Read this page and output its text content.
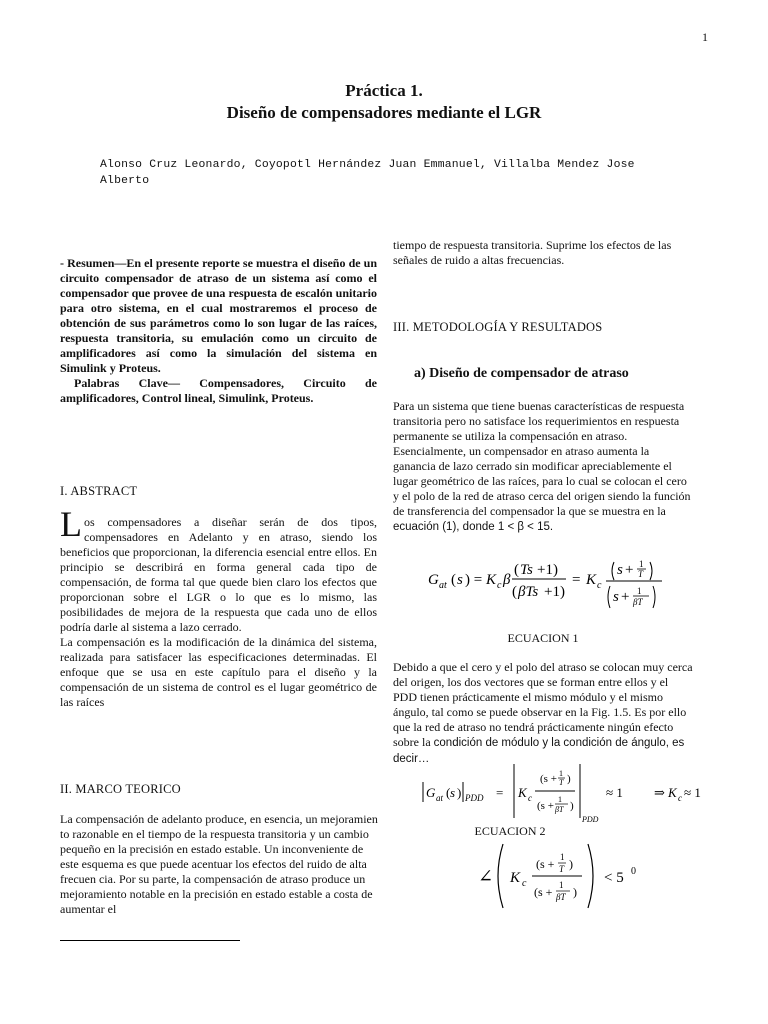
1
Práctica 1.
Diseño de compensadores mediante el LGR
Alonso Cruz Leonardo, Coyopotl Hernández Juan Emmanuel, Villalba Mendez Jose
Alberto

- Resumen—En el presente reporte se muestra el diseño de un circuito compensador de atraso de un sistema así como el compensador que provee de una respuesta de escalón unitario para otro sistema, en el cual mostraremos el proceso de obtención de sus parámetros como lo son lugar de las raíces, respuesta transitoria, su emulación como un circuito de amplificadores así como la simulación del sistema en Simulink y Proteus.

Palabras Clave— Compensadores, Circuito de amplificadores, Control lineal, Simulink, Proteus.

I. ABSTRACT

Los compensadores a diseñar serán de dos tipos, compensadores en Adelanto y en atraso, siendo los beneficios que proporcionan, la diferencia esencial entre ellos. En principio se describirá en forma general cada tipo de compensación, de forma tal que quede bien claro los efectos que proporcionan sobre el LGR o lo que es lo mismo, las posibilidades de mejora de la respuesta que cada uno de ellos podría darle al sistema a lazo cerrado.

La compensación es la modificación de la dinámica del sistema, realizada para satisfacer las especificaciones determinadas. El enfoque que se usa en este capítulo para el diseño y la compensación de un sistema de control es el lugar geométrico de las raíces

II. MARCO TEORICO

La compensación de adelanto produce, en esencia, un mejoramien to razonable en el tiempo de la respuesta transitoria y un cambio pequeño en la precisión en estado estable. Un inconveniente de este esquema es que puede acentuar los efectos del ruido de alta frecuen cia. Por su parte, la compensación de atraso produce un mejoramiento notable en la precisión en estado estable a costa de aumentar el

tiempo de respuesta transitoria. Suprime los efectos de las señales de ruido a altas frecuencias.

III. METODOLOGÍA Y RESULTADOS
a) Diseño de compensador de atraso

Para un sistema que tiene buenas características de respuesta transitoria pero no satisface los requerimientos en respuesta permanente se utiliza la compensación en atraso. Esencialmente, un compensador en atraso aumenta la ganancia de lazo cerrado sin modificar apreciablemente el lugar geométrico de las raíces, para lo cual se colocan el cero y el polo de la red de atraso cerca del origen siendo la función de transferencia del compensador la que se muestra en la ecuación (1), donde 1 < β < 15.

G at ( s ) = K c β
( Ts +1)
( βTs +1)
= K c
s + 1
T
s + 1
βT
ECUACION 1

Debido a que el cero y el polo del atraso se colocan muy cerca del origen, los dos vectores que se forman entre ellos y el PDD tienen prácticamente el mismo módulo y el mismo ángulo, tal como se puede observar en la Fig. 1.5. Es por ello que la red de atraso no tendrá prácticamente ningún efecto sobre la condición de módulo y la condición de ángulo, es decir…

G at ( s ) PDD = K c
(s + 1
T )
(s +
1
βT )
PDD
≈ 1 ⇒ K c ≈ 1
ECUACION 2
∠ K c
(s + 1
T )
(s + 1
βT )
< 5 0
